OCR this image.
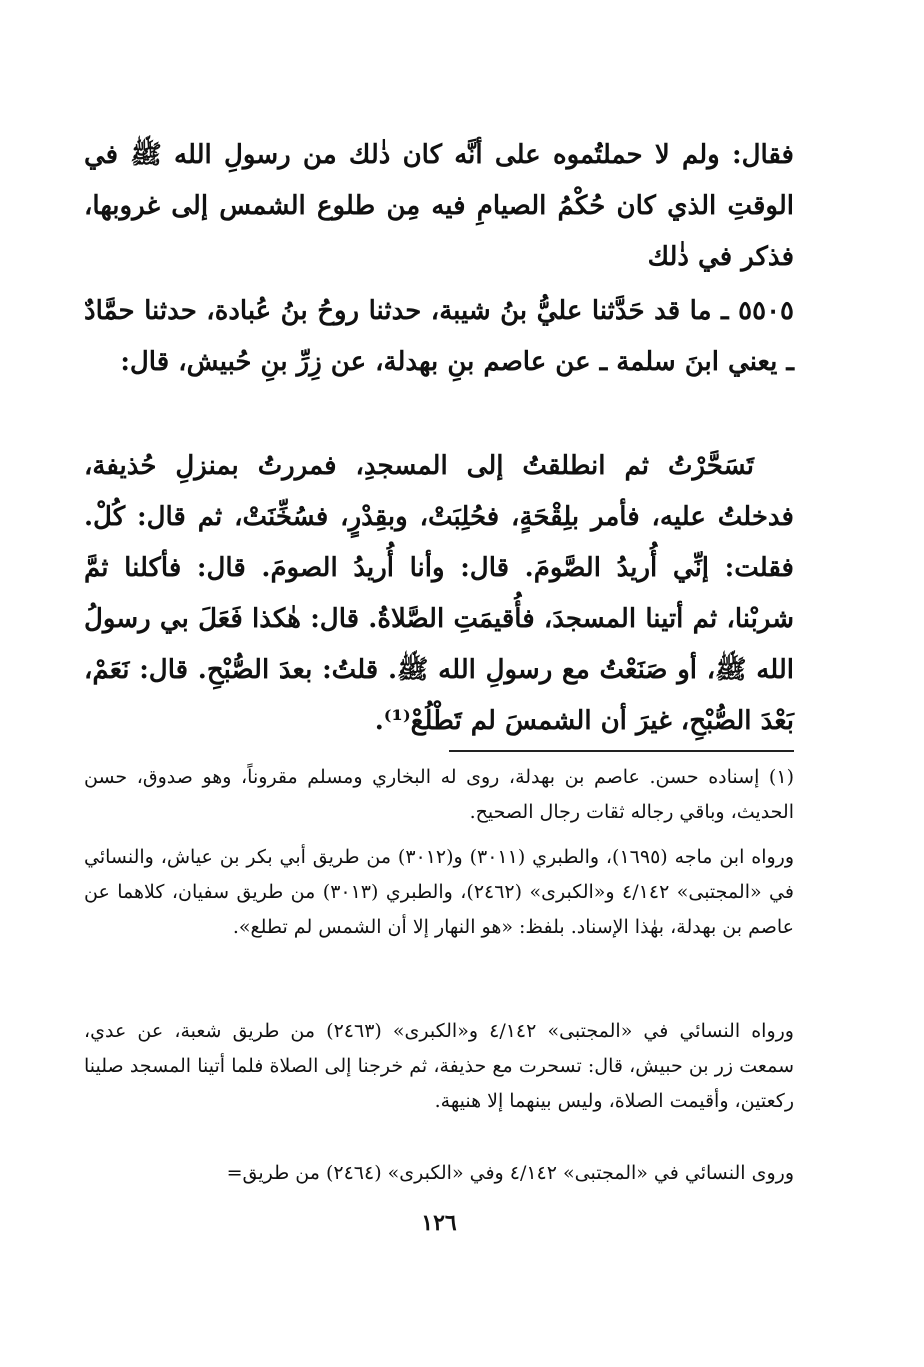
فقال: ولم لا حملتُموه على أنَّه كان ذٰلك من رسولِ الله ﷺ في الوقتِ الذي كان حُكْمُ الصيامِ فيه مِن طلوع الشمس إلى غروبها، فذكر في ذٰلك

٥٥٠٥ ـ ما قد حَدَّثنا عليُّ بنُ شيبة، حدثنا روحُ بنُ عُبادة، حدثنا حمَّادٌ ـ يعني ابنَ سلمة ـ عن عاصم بنِ بهدلة، عن زِرِّ بنِ حُبيش، قال:

تَسَحَّرْتُ ثم انطلقتُ إلى المسجدِ، فمررتُ بمنزلِ حُذيفة، فدخلتُ عليه، فأمر بلِقْحَةٍ، فحُلِبَتْ، وبقِدْرٍ، فسُخِّنَتْ، ثم قال: كُلْ. فقلت: إنِّي أُريدُ الصَّومَ. قال: وأنا أُريدُ الصومَ. قال: فأكلنا ثمَّ شربْنا، ثم أتينا المسجدَ، فأُقيمَتِ الصَّلاةُ. قال: هٰكذا فَعَلَ بي رسولُ الله ﷺ، أو صَنَعْتُ مع رسولِ الله ﷺ. قلتُ: بعدَ الصُّبْحِ. قال: نَعَمْ، بَعْدَ الصُّبْحِ، غيرَ أن الشمسَ لم تَطْلُعْ⁽¹⁾.

(١) إسناده حسن. عاصم بن بهدلة، روى له البخاري ومسلم مقروناً، وهو صدوق، حسن الحديث، وباقي رجاله ثقات رجال الصحيح.

ورواه ابن ماجه (١٦٩٥)، والطبري (٣٠١١) و(٣٠١٢) من طريق أبي بكر بن عياش، والنسائي في «المجتبى» ٤/١٤٢ و«الكبرى» (٢٤٦٢)، والطبري (٣٠١٣) من طريق سفيان، كلاهما عن عاصم بن بهدلة، بهٰذا الإسناد. بلفظ: «هو النهار إلا أن الشمس لم تطلع».

ورواه النسائي في «المجتبى» ٤/١٤٢ و«الكبرى» (٢٤٦٣) من طريق شعبة، عن عدي، سمعت زر بن حبيش، قال: تسحرت مع حذيفة، ثم خرجنا إلى الصلاة فلما أتينا المسجد صلينا ركعتين، وأقيمت الصلاة، وليس بينهما إلا هنيهة.

وروى النسائي في «المجتبى» ٤/١٤٢ وفي «الكبرى» (٢٤٦٤) من طريق=

١٢٦
